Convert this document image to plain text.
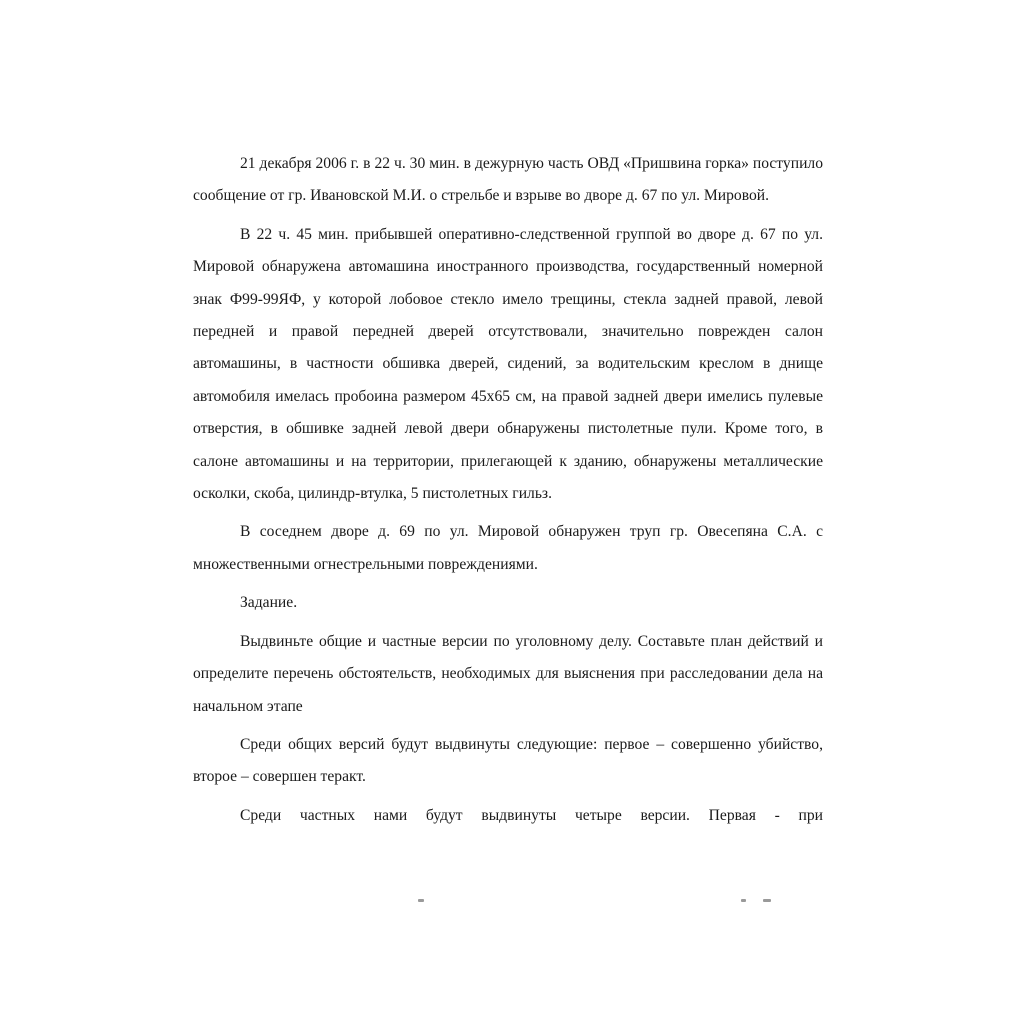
21 декабря 2006 г. в 22 ч. 30 мин. в дежурную часть ОВД «Пришвина горка» поступило сообщение от гр. Ивановской М.И. о стрельбе и взрыве во дворе д. 67 по ул. Мировой.

В 22 ч. 45 мин. прибывшей оперативно-следственной группой во дворе д. 67 по ул. Мировой обнаружена автомашина иностранного производства, государственный номерной знак Ф99-99ЯФ, у которой лобовое стекло имело трещины, стекла задней правой, левой передней и правой передней дверей отсутствовали, значительно поврежден салон автомашины, в частности обшивка дверей, сидений, за водительским креслом в днище автомобиля имелась пробоина размером 45х65 см, на правой задней двери имелись пулевые отверстия, в обшивке задней левой двери обнаружены пистолетные пули. Кроме того, в салоне автомашины и на территории, прилегающей к зданию, обнаружены металлические осколки, скоба, цилиндр-втулка, 5 пистолетных гильз.

В соседнем дворе д. 69 по ул. Мировой обнаружен труп гр. Овесепяна С.А. с множественными огнестрельными повреждениями.

Задание.

Выдвиньте общие и частные версии по уголовному делу. Составьте план действий и определите перечень обстоятельств, необходимых для выяснения при расследовании дела на начальном этапе

Среди общих версий будут выдвинуты следующие: первое – совершенно убийство, второе – совершен теракт.

Среди частных нами будут выдвинуты четыре версии. Первая - при
